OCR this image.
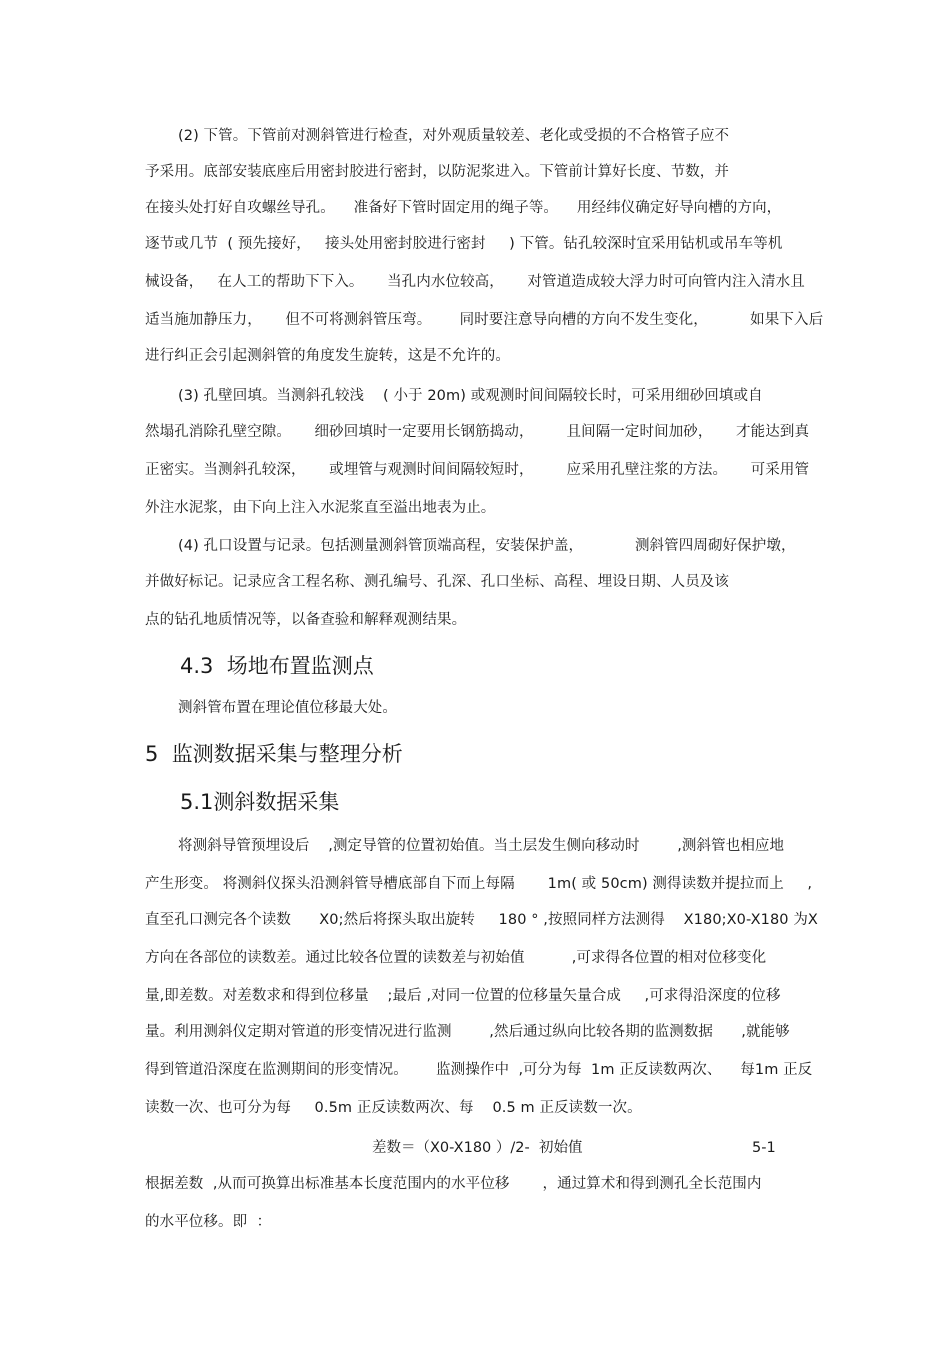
(2) 下管。下管前对测斜管进行检查，对外观质量较差、老化或受损的不合格管子应不
予采用。底部安装底座后用密封胶进行密封，以防泥浆进入。下管前计算好长度、节数，并
在接头处打好自攻螺丝导孔。    准备好下管时固定用的绳子等。    用经纬仪确定好导向槽的方向，
逐节或几节  ( 预先接好，   接头处用密封胶进行密封     ) 下管。钻孔较深时宜采用钻机或吊车等机
械设备，   在人工的帮助下下入。     当孔内水位较高，     对管道造成较大浮力时可向管内注入清水且
适当施加静压力，     但不可将测斜管压弯。      同时要注意导向槽的方向不发生变化，         如果下入后
进行纠正会引起测斜管的角度发生旋转，这是不允许的。
(3) 孔壁回填。当测斜孔较浅    ( 小于 20m) 或观测时间间隔较长时，可采用细砂回填或自
然塌孔消除孔壁空隙。     细砂回填时一定要用长钢筋捣动，       且间隔一定时间加砂，     才能达到真
正密实。当测斜孔较深，     或埋管与观测时间间隔较短时，       应采用孔壁注浆的方法。     可采用管
外注水泥浆，由下向上注入水泥浆直至溢出地表为止。
(4) 孔口设置与记录。包括测量测斜管顶端高程，安装保护盖，           测斜管四周砌好保护墩，
并做好标记。记录应含工程名称、测孔编号、孔深、孔口坐标、高程、埋设日期、人员及该
点的钻孔地质情况等，以备查验和解释观测结果。
4.3  场地布置监测点
测斜管布置在理论值位移最大处。
5  监测数据采集与整理分析
5.1测斜数据采集
将测斜导管预埋设后    ,测定导管的位置初始值。当土层发生侧向移动时        ,测斜管也相应地
产生形变。 将测斜仪探头沿测斜管导槽底部自下而上每隔       1m( 或 50cm) 测得读数并提拉而上     ,
直至孔口测完各个读数      X0;然后将探头取出旋转     180 ° ,按照同样方法测得    X180;X0-X180 为X
方向在各部位的读数差。通过比较各位置的读数差与初始值          ,可求得各位置的相对位移变化
量,即差数。对差数求和得到位移量    ;最后 ,对同一位置的位移量矢量合成     ,可求得沿深度的位移
量。利用测斜仪定期对管道的形变情况进行监测        ,然后通过纵向比较各期的监测数据      ,就能够
得到管道沿深度在监测期间的形变情况。      监测操作中  ,可分为每  1m 正反读数两次、    每1m 正反
读数一次、也可分为每     0.5m 正反读数两次、每    0.5 m 正反读数一次。
差数＝（X0-X180 ）/2-  初始值	5-1
根据差数  ,从而可换算出标准基本长度范围内的水平位移       ，通过算术和得到测孔全长范围内
的水平位移。即  ：
